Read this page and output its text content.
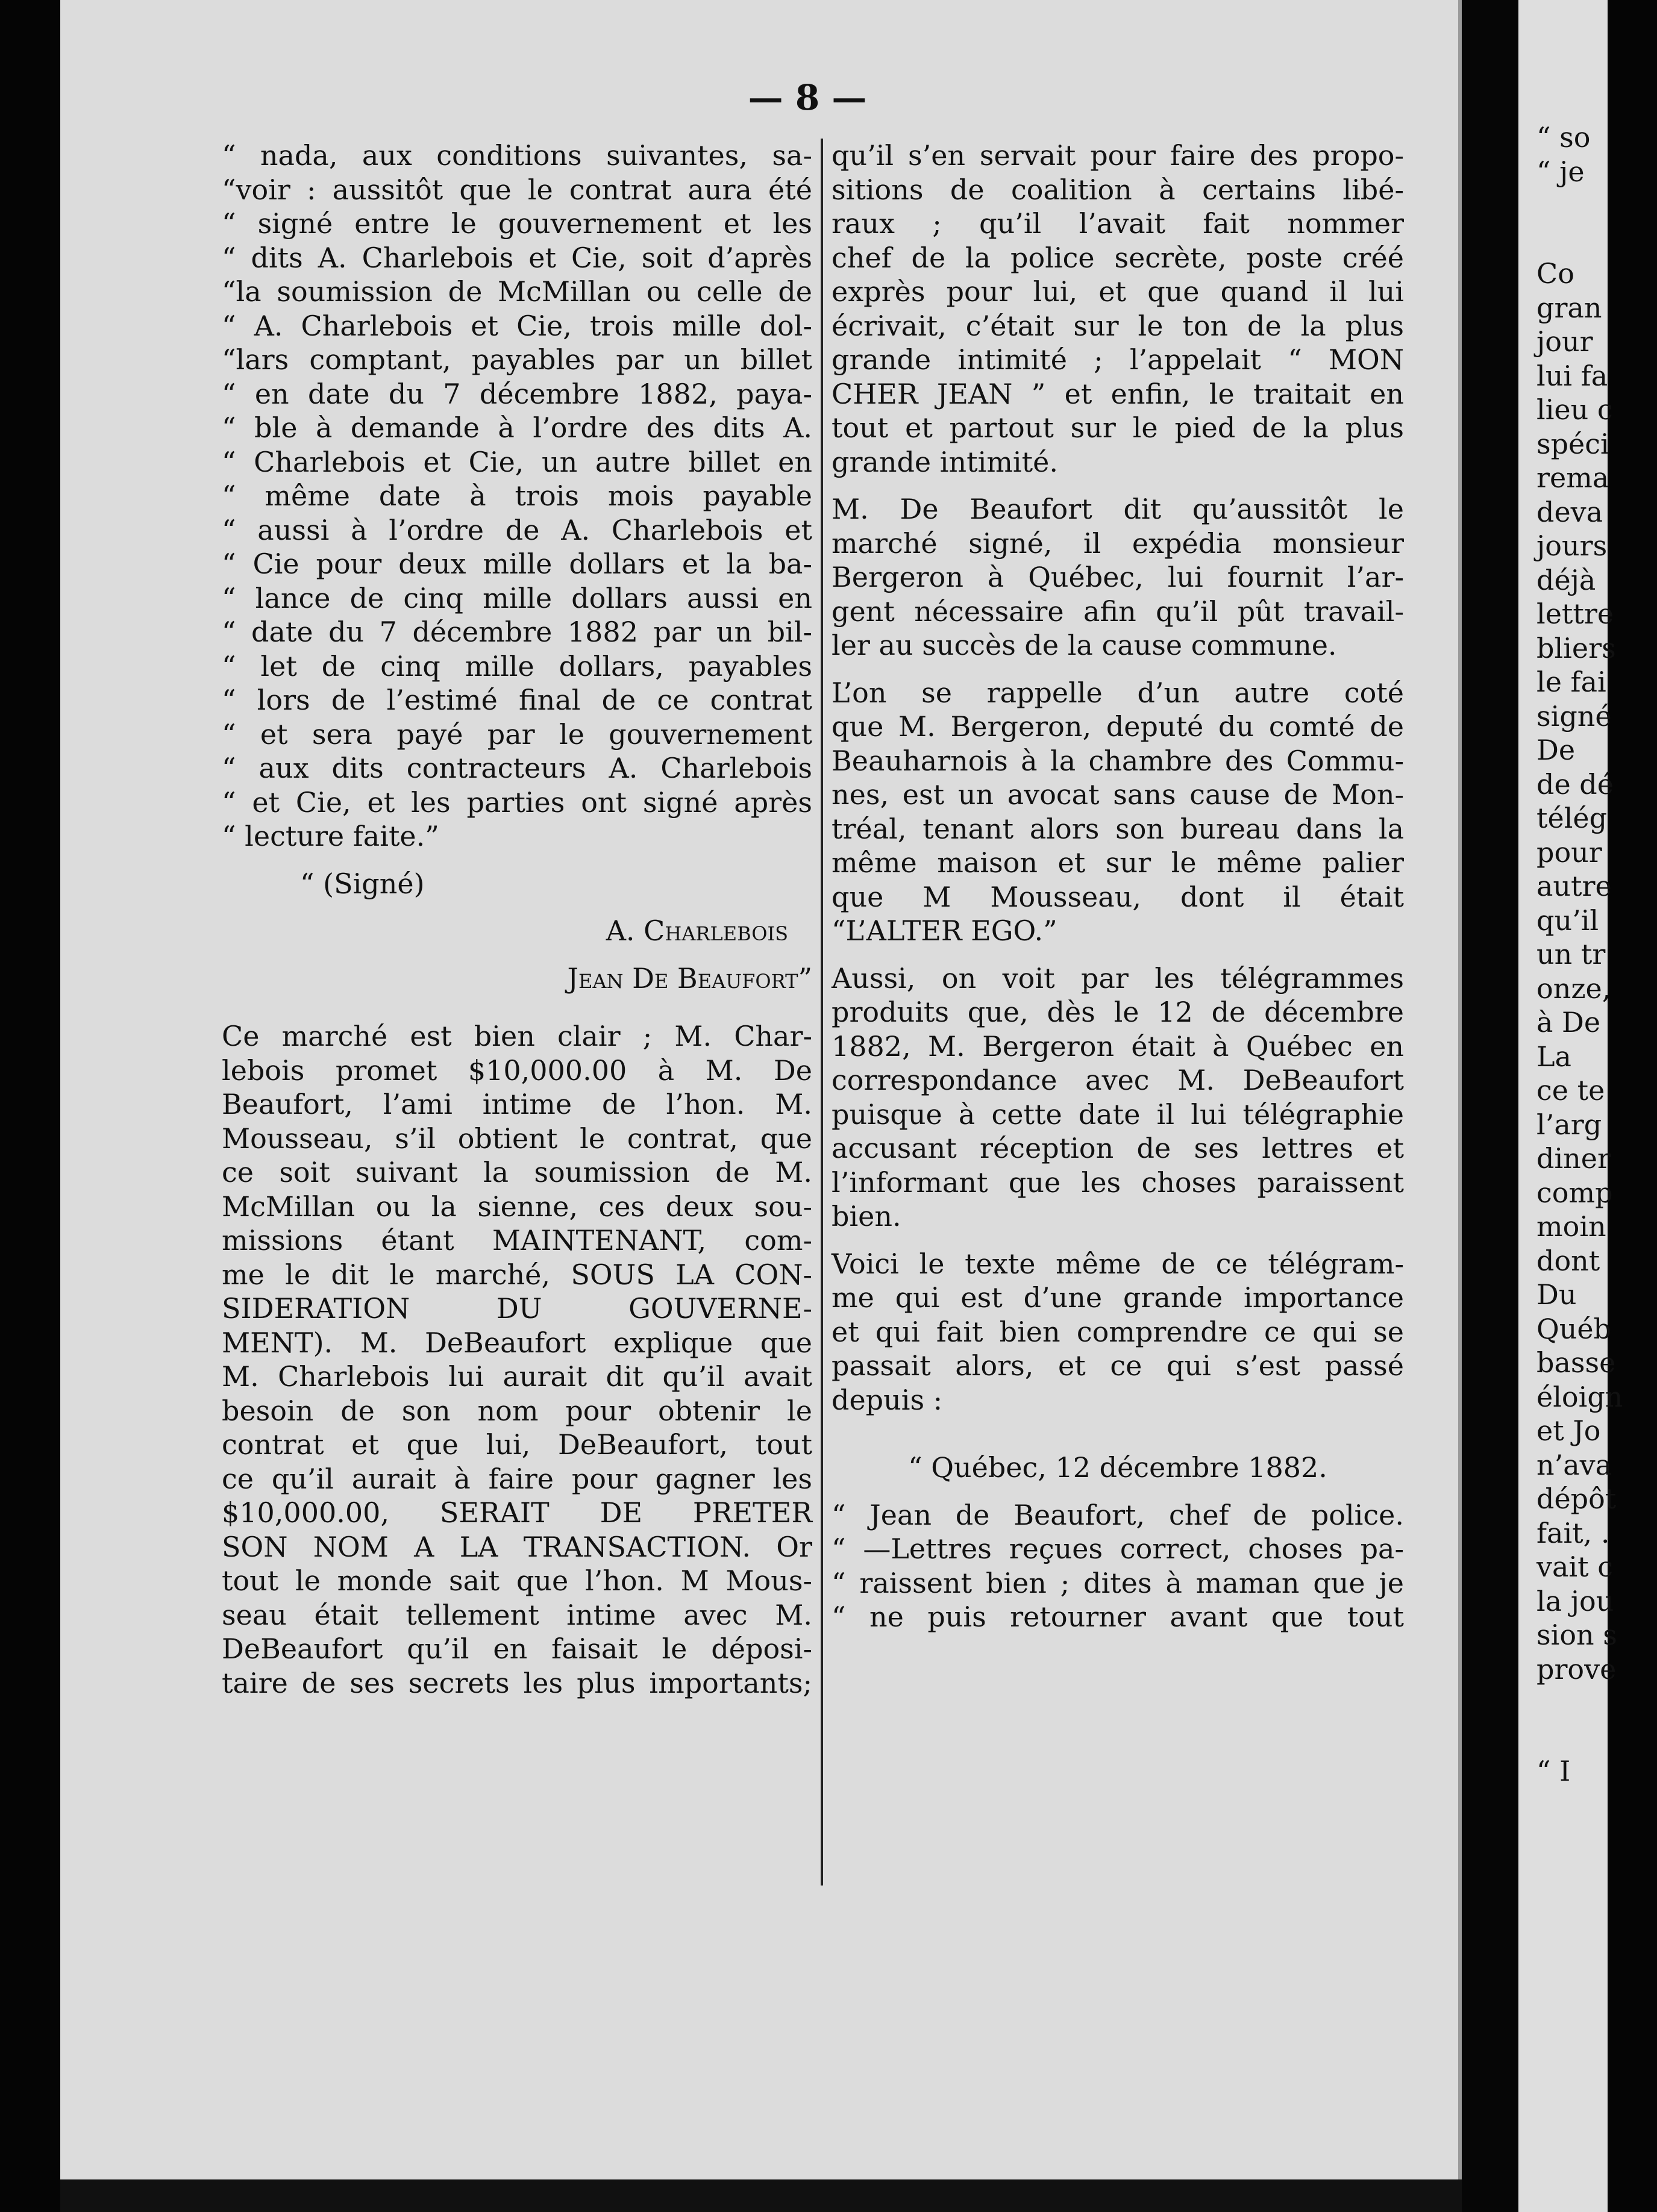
“ so
“ je
Co
gran
jour
lui fa
lieu c
spéci
rema
deva
jours
déjà
lettre
bliers
le fai
signé
De
de dé
télég
pour
autre
qu’il
un tr
onze,
à De
La
ce te
l’arg
diner
comp
moin
dont
Du
Québ
basse
éloign
et Jo
n’ava
dépôt
fait, .
vait c
la jou
sion s
prove
“ I
— 8 —
“ nada, aux conditions suivantes, sa-
“voir : aussitôt que le contrat aura été
“ signé entre le gouvernement et les
“ dits A. Charlebois et Cie, soit d’après
“la soumission de McMillan ou celle de
“ A. Charlebois et Cie, trois mille dol-
“lars comptant, payables par un billet
“ en date du 7 décembre 1882, paya-
“ ble à demande à l’ordre des dits A.
“ Charlebois et Cie, un autre billet en
“ même date à trois mois payable
“ aussi à l’ordre de A. Charlebois et
“ Cie pour deux mille dollars et la ba-
“ lance de cinq mille dollars aussi en
“ date du 7 décembre 1882 par un bil-
“ let de cinq mille dollars, payables
“ lors de l’estimé final de ce contrat
“ et sera payé par le gouvernement
“ aux dits contracteurs A. Charlebois
“ et Cie, et les parties ont signé après
“ lecture faite.”
“ (Signé)
A. Charlebois
Jean De Beaufort”
Ce marché est bien clair ; M. Char-
lebois promet $10,000.00 à M. De
Beaufort, l’ami intime de l’hon. M.
Mousseau, s’il obtient le contrat, que
ce soit suivant la soumission de M.
McMillan ou la sienne, ces deux sou-
missions étant MAINTENANT, com-
me le dit le marché, SOUS LA CON-
SIDERATION DU GOUVERNE-
MENT). M. DeBeaufort explique que
M. Charlebois lui aurait dit qu’il avait
besoin de son nom pour obtenir le
contrat et que lui, DeBeaufort, tout
ce qu’il aurait à faire pour gagner les
$10,000.00, SERAIT DE PRETER
SON NOM A LA TRANSACTION. Or
tout le monde sait que l’hon. M Mous-
seau était tellement intime avec M.
DeBeaufort qu’il en faisait le déposi-
taire de ses secrets les plus importants;
qu’il s’en servait pour faire des propo-
sitions de coalition à certains libé-
raux ; qu’il l’avait fait nommer
chef de la police secrète, poste créé
exprès pour lui, et que quand il lui
écrivait, c’était sur le ton de la plus
grande intimité ; l’appelait “ MON
CHER JEAN ” et enfin, le traitait en
tout et partout sur le pied de la plus
grande intimité.
M. De Beaufort dit qu’aussitôt le
marché signé, il expédia monsieur
Bergeron à Québec, lui fournit l’ar-
gent nécessaire afin qu’il pût travail-
ler au succès de la cause commune.
L’on se rappelle d’un autre coté
que M. Bergeron, deputé du comté de
Beauharnois à la chambre des Commu-
nes, est un avocat sans cause de Mon-
tréal, tenant alors son bureau dans la
même maison et sur le même palier
que M Mousseau, dont il était
“L’ALTER EGO.”
Aussi, on voit par les télégrammes
produits que, dès le 12 de décembre
1882, M. Bergeron était à Québec en
correspondance avec M. DeBeaufort
puisque à cette date il lui télégraphie
accusant réception de ses lettres et
l’informant que les choses paraissent
bien.
Voici le texte même de ce télégram-
me qui est d’une grande importance
et qui fait bien comprendre ce qui se
passait alors, et ce qui s’est passé
depuis :
“ Québec, 12 décembre 1882.
“ Jean de Beaufort, chef de police.
“ —Lettres reçues correct, choses pa-
“ raissent bien ; dites à maman que je
“ ne puis retourner avant que tout
